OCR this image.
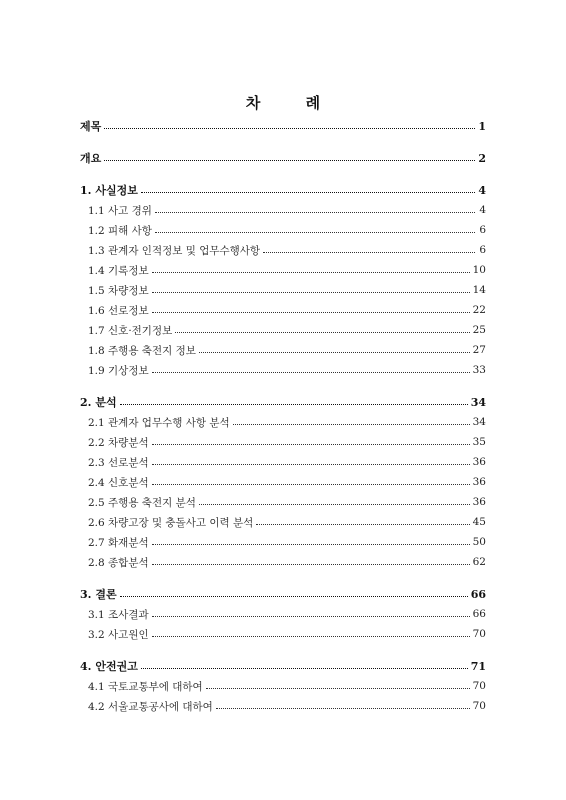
차 례
제목	1
개요	2
1. 사실정보	4
1.1 사고 경위	4
1.2 피해 사항	6
1.3 관계자 인적정보 및 업무수행사항	6
1.4 기록정보	10
1.5 차량정보	14
1.6 선로정보	22
1.7 신호·전기정보	25
1.8 주행용 축전지 정보	27
1.9 기상정보	33
2. 분석	34
2.1 관계자 업무수행 사항 분석	34
2.2 차량분석	35
2.3 선로분석	36
2.4 신호분석	36
2.5 주행용 축전지 분석	36
2.6 차량고장 및 충돌사고 이력 분석	45
2.7 화재분석	50
2.8 종합분석	62
3. 결론	66
3.1 조사결과	66
3.2 사고원인	70
4. 안전권고	71
4.1 국토교통부에 대하여	70
4.2 서울교통공사에 대하여	70
